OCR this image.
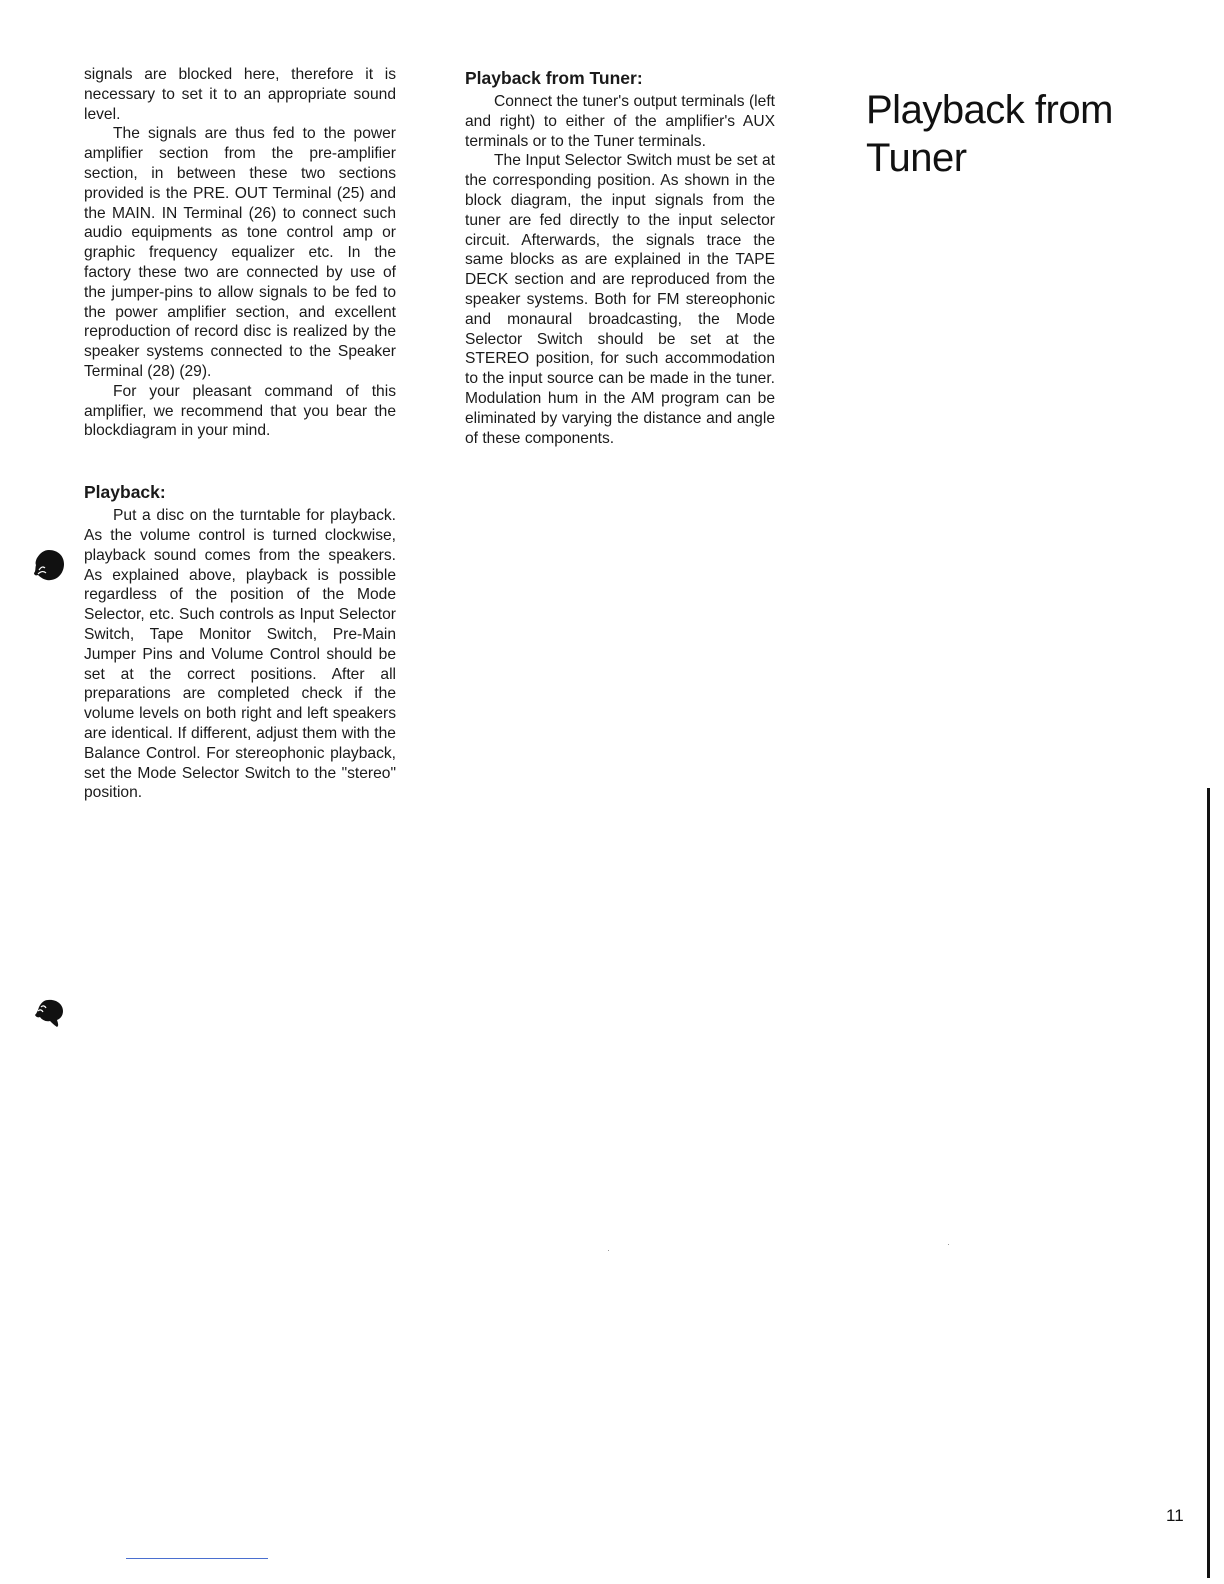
signals are blocked here, therefore it is necessary to set it to an appropriate sound level.

The signals are thus fed to the power amplifier section from the pre-amplifier section, in between these two sections provided is the PRE. OUT Terminal (25) and the MAIN. IN Terminal (26) to connect such audio equipments as tone control amp or graphic frequency equalizer etc. In the factory these two are connected by use of the jumper-pins to allow signals to be fed to the power amplifier section, and excellent reproduction of record disc is realized by the speaker systems connected to the Speaker Terminal (28) (29).

For your pleasant command of this amplifier, we recommend that you bear the blockdiagram in your mind.

Playback:

Put a disc on the turntable for playback. As the volume control is turned clockwise, playback sound comes from the speakers. As explained above, playback is possible regardless of the position of the Mode Selector, etc. Such controls as Input Selector Switch, Tape Monitor Switch, Pre-Main Jumper Pins and Volume Control should be set at the correct positions. After all preparations are completed check if the volume levels on both right and left speakers are identical. If different, adjust them with the Balance Control. For stereophonic playback, set the Mode Selector Switch to the "stereo" position.

Playback from Tuner:

Connect the tuner's output terminals (left and right) to either of the amplifier's AUX terminals or to the Tuner terminals.

The Input Selector Switch must be set at the corresponding position. As shown in the block diagram, the input signals from the tuner are fed directly to the input selector circuit. Afterwards, the signals trace the same blocks as are explained in the TAPE DECK section and are reproduced from the speaker systems. Both for FM stereophonic and monaural broadcasting, the Mode Selector Switch should be set at the STEREO position, for such accommodation to the input source can be made in the tuner. Modulation hum in the AM program can be eliminated by varying the distance and angle of these components.

Playback from
Tuner
11
